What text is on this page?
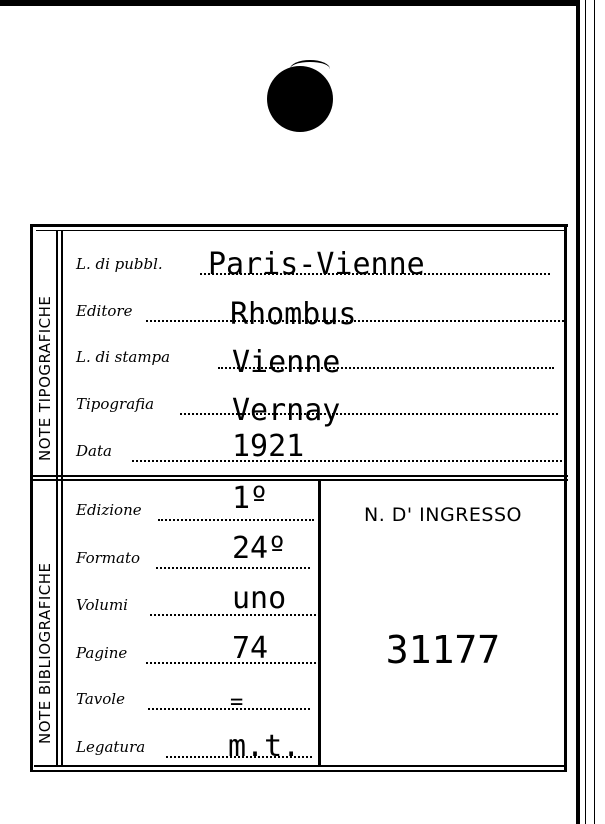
NOTE TIPOGRAFICHE
NOTE BIBLIOGRAFICHE
L. di pubbl. Paris-Vienne
Editore	Rhombus
L. di stampa Vienne
Tipografia	Vernay
Data	1921
Edizione	1º
Formato	24º
Volumi	uno
Pagine	74
Tavole	=
Legatura	m.t.
N. D' INGRESSO
31177
